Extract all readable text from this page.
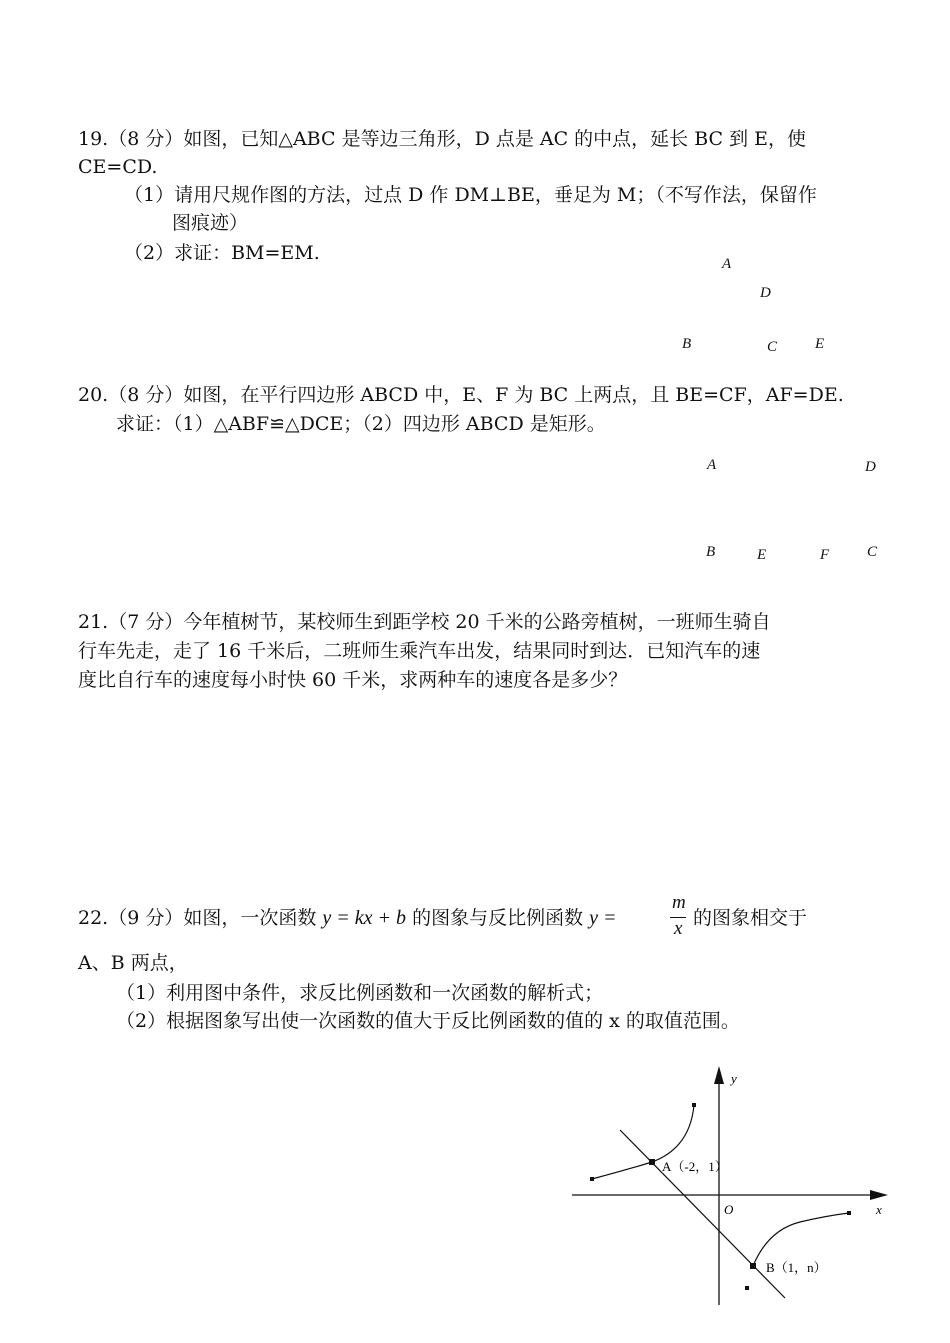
19.（8 分）如图，已知△ABC 是等边三角形，D 点是 AC 的中点，延长 BC 到 E，使
CE=CD.
（1）请用尺规作图的方法，过点 D 作 DM⊥BE，垂足为 M；（不写作法，保留作
图痕迹）
（2）求证：BM=EM.	A
D
B	C	E
20.（8 分）如图，在平行四边形 ABCD 中，E、F 为 BC 上两点，且 BE=CF，AF=DE.
求证：（1）△ABF≌△DCE；（2）四边形 ABCD 是矩形。
A	D
B	E	F	C
21.（7 分）今年植树节，某校师生到距学校 20 千米的公路旁植树，一班师生骑自
行车先走，走了 16 千米后，二班师生乘汽车出发，结果同时到达．已知汽车的速
度比自行车的速度每小时快 60 千米，求两种车的速度各是多少？
22.（9 分）如图，一次函数 y = kx + b 的图象与反比例函数 y =
m
x 的图象相交于
A、B 两点，
（1）利用图中条件，求反比例函数和一次函数的解析式；
（2）根据图象写出使一次函数的值大于反比例函数的值的 x 的取值范围。
y
x
O
A（-2，1）
B（1，n）
